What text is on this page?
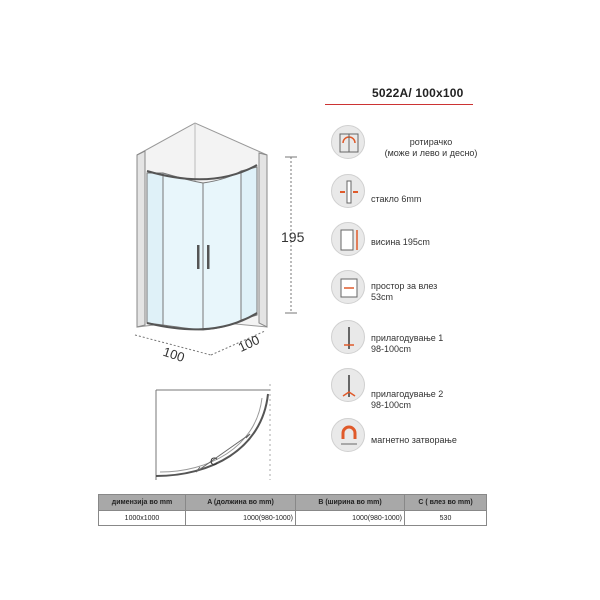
5022A/ 100x100
195
100	100
C
ротирачко
(може и лево и десно)
стакло 6mm
висина 195cm
простор за влез
53cm
прилагодување 1
98-100cm
прилагодување 2
98-100cm
магнетно затворање
димензија во mm	A (должина во mm)	B (ширина во mm)	C ( влез во mm)
1000x1000	1000(980-1000)	1000(980-1000)	530
